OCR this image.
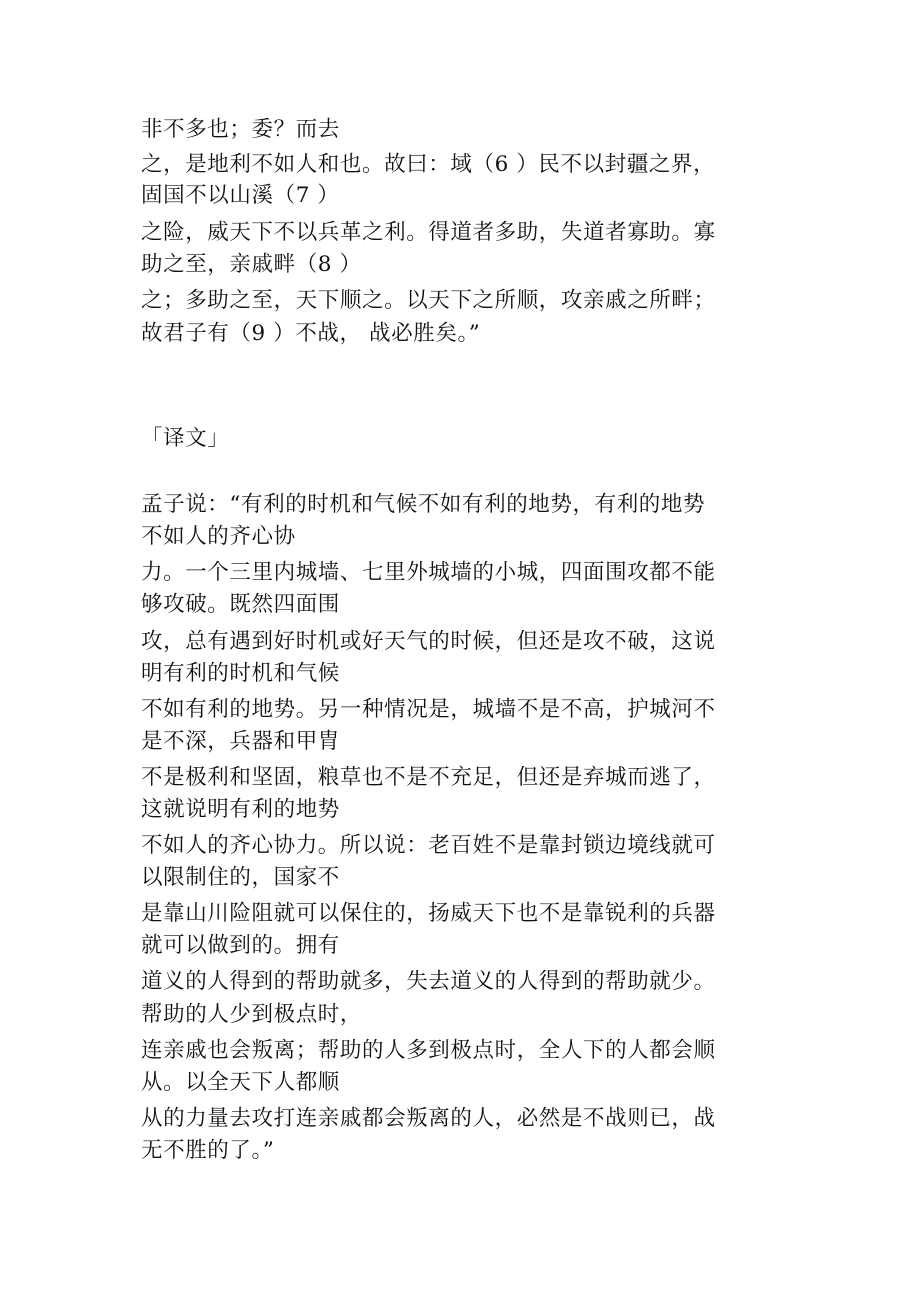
非不多也；委？而去
之，是地利不如人和也。故曰：域（6 ）民不以封疆之界，
固国不以山溪（7 ）
之险，威天下不以兵革之利。得道者多助，失道者寡助。寡
助之至，亲戚畔（8 ）
之；多助之至，天下顺之。以天下之所顺，攻亲戚之所畔；
故君子有（9 ）不战， 战必胜矣。”
「译文」
孟子说：“有利的时机和气候不如有利的地势，有利的地势
不如人的齐心协
力。一个三里内城墙、七里外城墙的小城，四面围攻都不能
够攻破。既然四面围
攻，总有遇到好时机或好天气的时候，但还是攻不破，这说
明有利的时机和气候
不如有利的地势。另一种情况是，城墙不是不高，护城河不
是不深，兵器和甲胄
不是极利和坚固，粮草也不是不充足，但还是弃城而逃了，
这就说明有利的地势
不如人的齐心协力。所以说：老百姓不是靠封锁边境线就可
以限制住的，国家不
是靠山川险阻就可以保住的，扬威天下也不是靠锐利的兵器
就可以做到的。拥有
道义的人得到的帮助就多，失去道义的人得到的帮助就少。
帮助的人少到极点时，
连亲戚也会叛离；帮助的人多到极点时，全人下的人都会顺
从。以全天下人都顺
从的力量去攻打连亲戚都会叛离的人，必然是不战则已，战
无不胜的了。”
